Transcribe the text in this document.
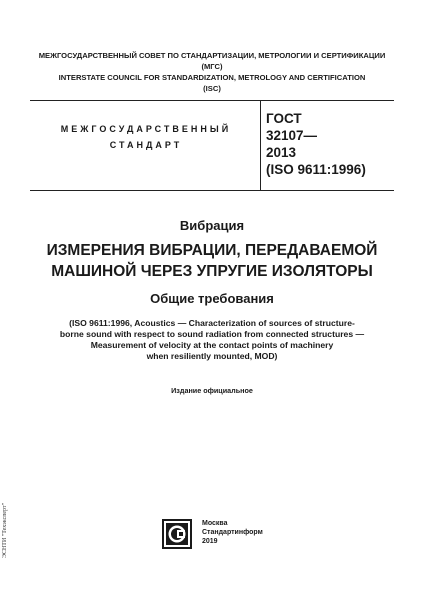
МЕЖГОСУДАРСТВЕННЫЙ СОВЕТ ПО СТАНДАРТИЗАЦИИ, МЕТРОЛОГИИ И СЕРТИФИКАЦИИ
(МГС)
INTERSTATE COUNCIL FOR STANDARDIZATION, METROLOGY AND CERTIFICATION
(ISC)
МЕЖГОСУДАРСТВЕННЫЙ
СТАНДАРТ
ГОСТ
32107—
2013
(ISO 9611:1996)
Вибрация
ИЗМЕРЕНИЯ ВИБРАЦИИ, ПЕРЕДАВАЕМОЙ
МАШИНОЙ ЧЕРЕЗ УПРУГИЕ ИЗОЛЯТОРЫ
Общие требования
(ISO 9611:1996, Acoustics — Characterization of sources of structure-
borne sound with respect to sound radiation from connected structures —
Measurement of velocity at the contact points of machinery
when resiliently mounted, MOD)
Издание официальное
Москва
Стандартинформ
2019
ЭСНТИ "Техэксперт"
